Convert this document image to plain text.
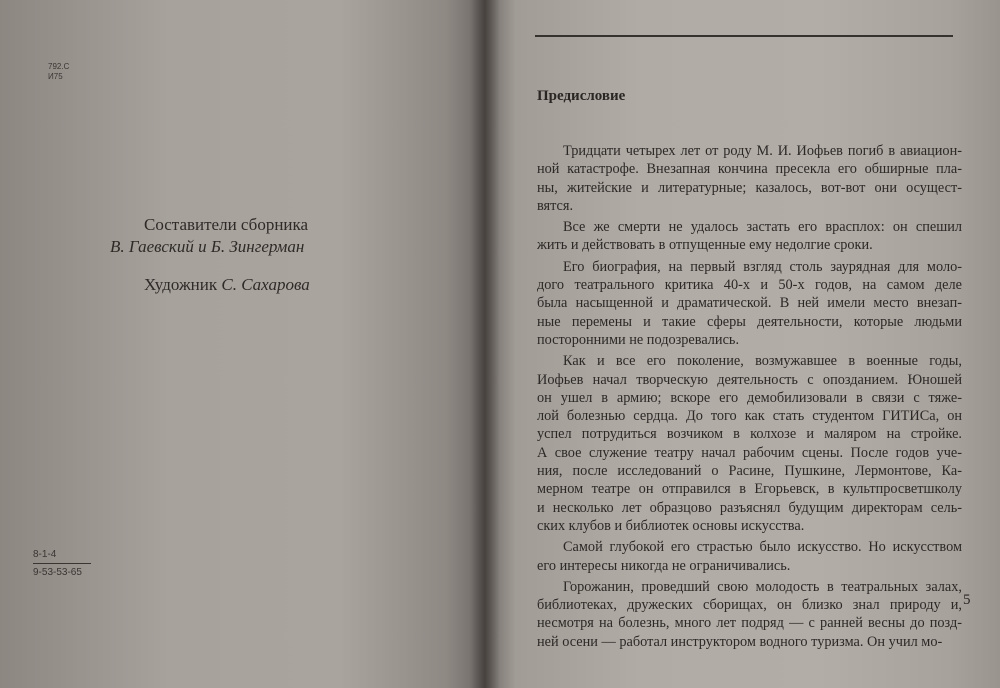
792.С
И75
Составители сборника
В. Гаевский и Б. Зингерман
Художник С. Сахарова
8-1-4
9-53-53-65
Предисловие
Тридцати четырех лет от роду М. И. Иофьев погиб в авиацион-
ной катастрофе. Внезапная кончина пресекла его обширные пла-
ны, житейские и литературные; казалось, вот-вот они осущест-
вятся.
Все же смерти не удалось застать его врасплох: он спешил
жить и действовать в отпущенные ему недолгие сроки.
Его биография, на первый взгляд столь заурядная для моло-
дого театрального критика 40-х и 50-х годов, на самом деле
была насыщенной и драматической. В ней имели место внезап-
ные перемены и такие сферы деятельности, которые людьми
посторонними не подозревались.
Как и все его поколение, возмужавшее в военные годы,
Иофьев начал творческую деятельность с опозданием. Юношей
он ушел в армию; вскоре его демобилизовали в связи с тяже-
лой болезнью сердца. До того как стать студентом ГИТИСа, он
успел потрудиться возчиком в колхозе и маляром на стройке.
А свое служение театру начал рабочим сцены. После годов уче-
ния, после исследований о Расине, Пушкине, Лермонтове, Ка-
мерном театре он отправился в Егорьевск, в культпросветшколу
и несколько лет образцово разъяснял будущим директорам сель-
ских клубов и библиотек основы искусства.
Самой глубокой его страстью было искусство. Но искусством
его интересы никогда не ограничивались.
Горожанин, проведший свою молодость в театральных залах,
библиотеках, дружеских сборищах, он близко знал природу и,
несмотря на болезнь, много лет подряд — с ранней весны до позд-
ней осени — работал инструктором водного туризма. Он учил мо-
5
